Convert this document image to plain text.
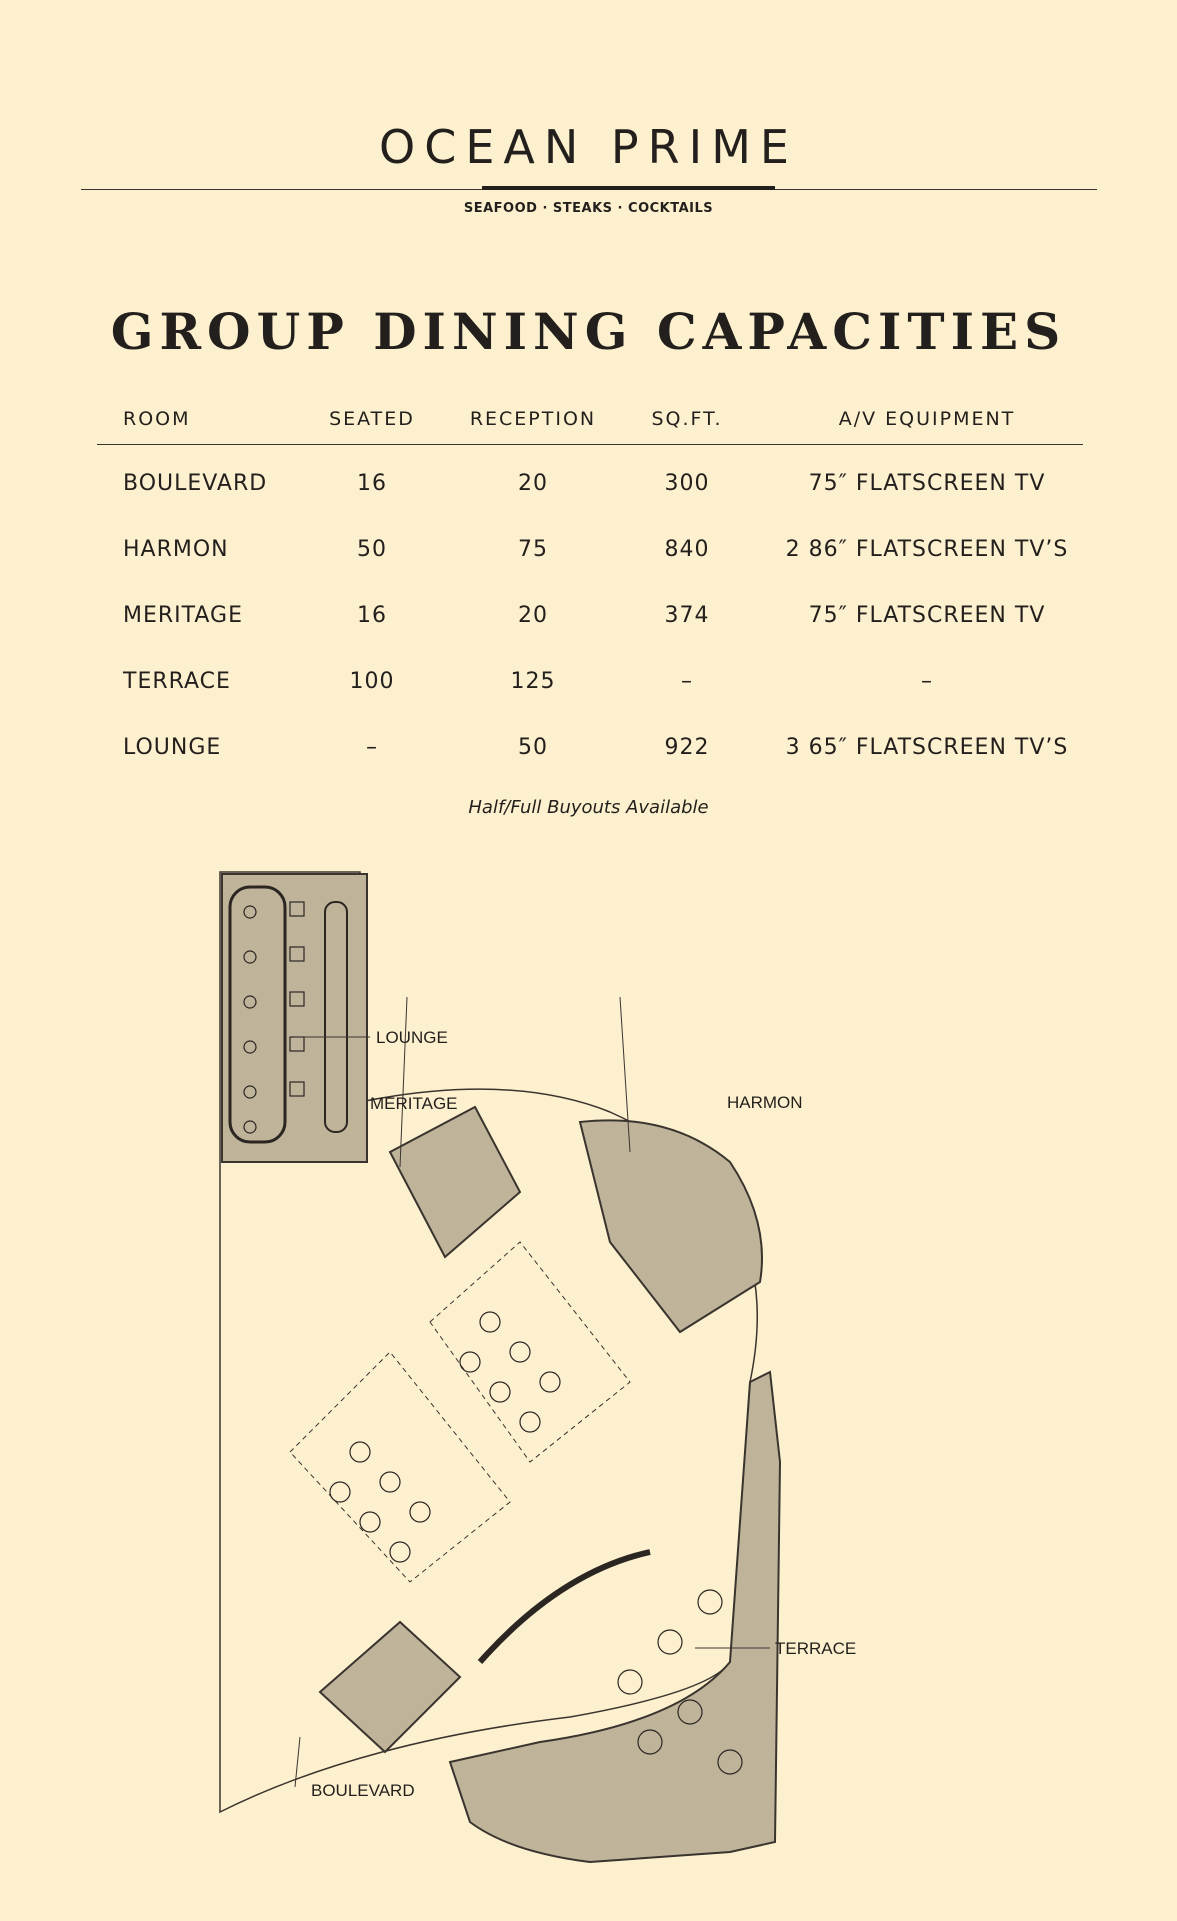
OCEAN PRIME
SEAFOOD · STEAKS · COCKTAILS
GROUP DINING CAPACITIES
ROOM	SEATED	RECEPTION	SQ.FT.	A/V EQUIPMENT
BOULEVARD	16	20	300	75″ FLATSCREEN TV
HARMON	50	75	840	2 86″ FLATSCREEN TV’S
MERITAGE	16	20	374	75″ FLATSCREEN TV
TERRACE	100	125	–	–
LOUNGE	–	50	922	3 65″ FLATSCREEN TV’S
Half/Full Buyouts Available
LOUNGE
MERITAGE	HARMON
TERRACE
BOULEVARD
